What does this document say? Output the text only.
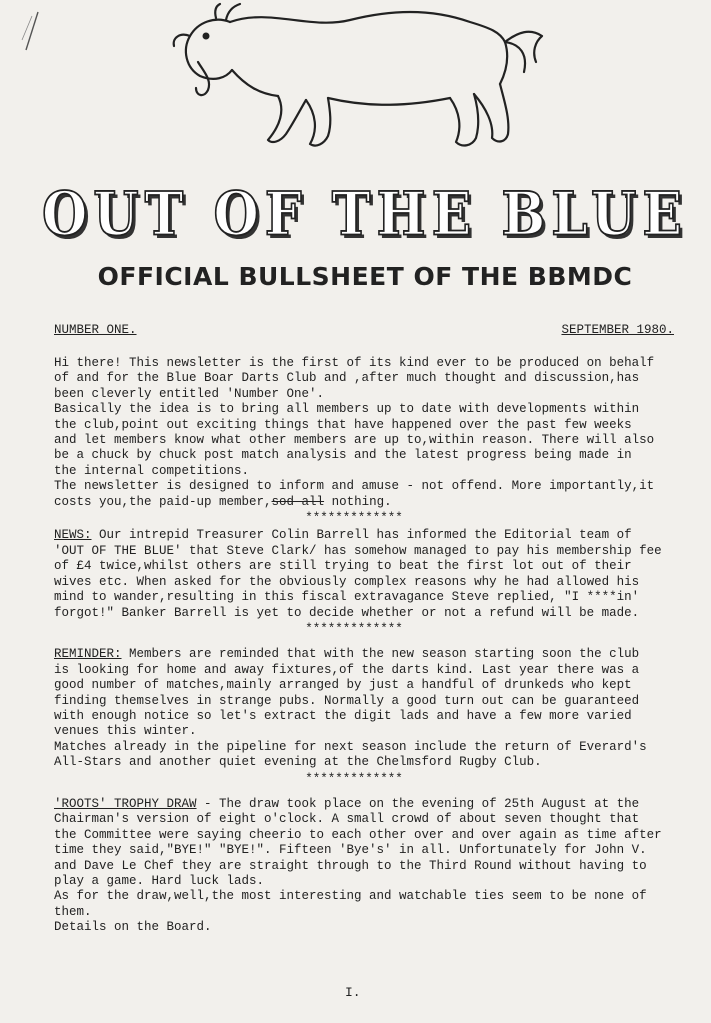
OUT OF THE BLUE
OFFICIAL BULLSHEET OF THE BBMDC
NUMBER ONE.	SEPTEMBER 1980.

Hi there! This newsletter is the first of its kind ever to be produced on behalf

of and for the Blue Boar Darts Club and ,after much thought and discussion,has

been cleverly entitled 'Number One'.

Basically the idea is to bring all members up to date with developments within

the club,point out exciting things that have happened over the past few weeks

and let members know what other members are up to,within reason. There will also

be a chuck by chuck post match analysis and the latest progress being made in

the internal competitions.

The newsletter is designed to inform and amuse - not offend. More importantly,it

costs you,the paid-up member,sod all nothing.

*************

NEWS: Our intrepid Treasurer Colin Barrell has informed the Editorial team of

'OUT OF THE BLUE' that Steve Clark/ has somehow managed to pay his membership fee

of £4 twice,whilst others are still trying to beat the first lot out of their

wives etc. When asked for the obviously complex reasons why he had allowed his

mind to wander,resulting in this fiscal extravagance Steve replied, "I ****in'

forgot!" Banker Barrell is yet to decide whether or not a refund will be made.

*************

REMINDER: Members are reminded that with the new season starting soon the club

is looking for home and away fixtures,of the darts kind. Last year there was a

good number of matches,mainly arranged by just a handful of drunkeds who kept

finding themselves in strange pubs. Normally a good turn out can be guaranteed

with enough notice so let's extract the digit lads and have a few more varied

venues this winter.

Matches already in the pipeline for next season include the return of Everard's

All-Stars and another quiet evening at the Chelmsford Rugby Club.

*************

'ROOTS' TROPHY DRAW - The draw took place on the evening of 25th August at the

Chairman's version of eight o'clock. A small crowd of about seven thought that

the Committee were saying cheerio to each other over and over again as time after

time they said,"BYE!" "BYE!". Fifteen 'Bye's' in all. Unfortunately for John V.

and Dave Le Chef they are straight through to the Third Round without having to

play a game. Hard luck lads.

As for the draw,well,the most interesting and watchable ties seem to be none of

them.

Details on the Board.

I.
